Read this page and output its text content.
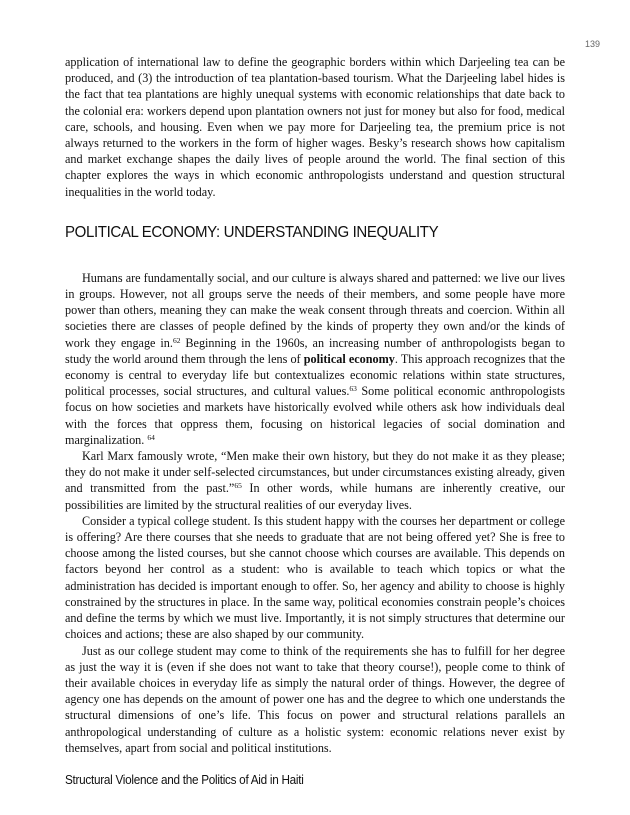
139

application of international law to define the geographic borders within which Darjeeling tea can be produced, and (3) the introduction of tea plantation-based tourism. What the Darjeeling label hides is the fact that tea plantations are highly unequal systems with economic relationships that date back to the colonial era: workers depend upon plantation owners not just for money but also for food, medical care, schools, and housing. Even when we pay more for Darjeeling tea, the premium price is not always returned to the workers in the form of higher wages. Besky’s research shows how capitalism and market exchange shapes the daily lives of people around the world. The final section of this chapter explores the ways in which economic anthropologists understand and question structural inequalities in the world today.

POLITICAL ECONOMY: UNDERSTANDING INEQUALITY

Humans are fundamentally social, and our culture is always shared and patterned: we live our lives in groups. However, not all groups serve the needs of their members, and some people have more power than others, meaning they can make the weak consent through threats and coercion. Within all societies there are classes of people defined by the kinds of property they own and/or the kinds of work they engage in.$^{62}$ Beginning in the 1960s, an increasing number of anthropologists began to study the world around them through the lens of political economy. This approach recognizes that the economy is central to everyday life but contextualizes economic relations within state structures, political processes, social structures, and cultural values.$^{63}$ Some political economic anthropologists focus on how societies and markets have historically evolved while others ask how individuals deal with the forces that oppress them, focusing on historical legacies of social domination and marginalization. $^{64}$

Karl Marx famously wrote, “Men make their own history, but they do not make it as they please; they do not make it under self-selected circumstances, but under circumstances existing already, given and transmitted from the past.”$^{65}$ In other words, while humans are inherently creative, our possibilities are limited by the structural realities of our everyday lives.

Consider a typical college student. Is this student happy with the courses her department or college is offering? Are there courses that she needs to graduate that are not being offered yet? She is free to choose among the listed courses, but she cannot choose which courses are available. This depends on factors beyond her control as a student: who is available to teach which topics or what the administration has decided is important enough to offer. So, her agency and ability to choose is highly constrained by the structures in place. In the same way, political economies constrain people’s choices and define the terms by which we must live. Importantly, it is not simply structures that determine our choices and actions; these are also shaped by our community.

Just as our college student may come to think of the requirements she has to fulfill for her degree as just the way it is (even if she does not want to take that theory course!), people come to think of their available choices in everyday life as simply the natural order of things. However, the degree of agency one has depends on the amount of power one has and the degree to which one understands the structural dimensions of one’s life. This focus on power and structural relations parallels an anthropological understanding of culture as a holistic system: economic relations never exist by themselves, apart from social and political institutions.

Structural Violence and the Politics of Aid in Haiti
